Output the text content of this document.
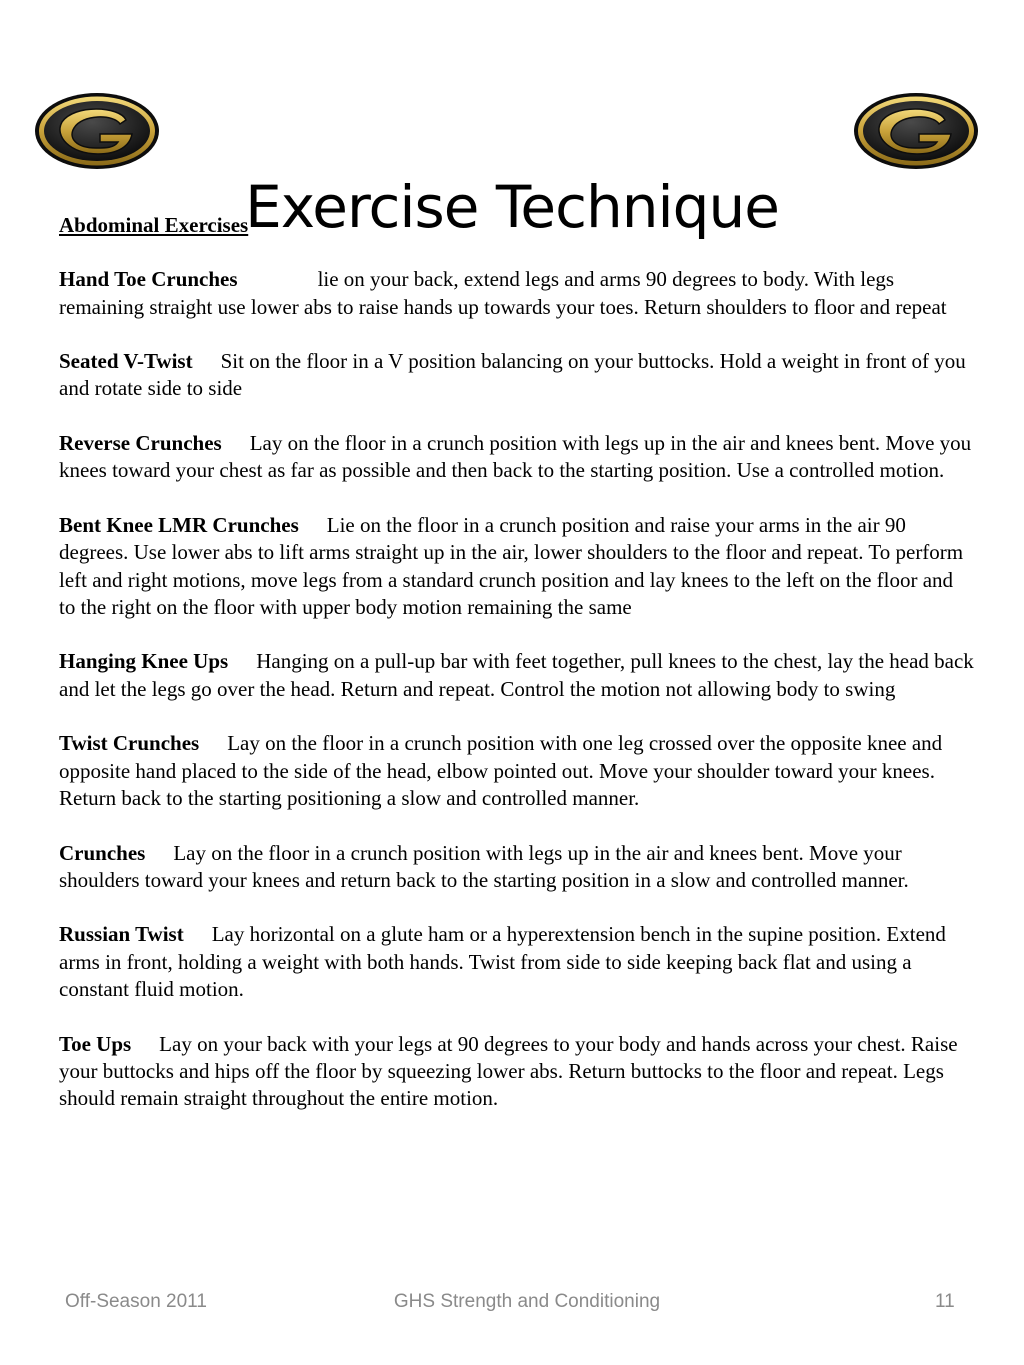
Exercise Technique
Abdominal Exercises
Hand Toe Crunches	lie on your back, extend legs and arms 90 degrees to body. With legs remaining straight use lower abs to raise hands up towards your toes. Return shoulders to floor and repeat
Seated V-Twist Sit on the floor in a V position balancing on your buttocks. Hold a weight in front of you and rotate side to side
Reverse Crunches Lay on the floor in a crunch position with legs up in the air and knees bent. Move you knees toward your chest as far as possible and then back to the starting position. Use a controlled motion.
Bent Knee LMR Crunches Lie on the floor in a crunch position and raise your arms in the air 90 degrees. Use lower abs to lift arms straight up in the air, lower shoulders to the floor and repeat. To perform left and right motions, move legs from a standard crunch position and lay knees to the left on the floor and to the right on the floor with upper body motion remaining the same
Hanging Knee Ups Hanging on a pull-up bar with feet together, pull knees to the chest, lay the head back and let the legs go over the head. Return and repeat. Control the motion not allowing body to swing
Twist Crunches Lay on the floor in a crunch position with one leg crossed over the opposite knee and opposite hand placed to the side of the head, elbow pointed out. Move your shoulder toward your knees. Return back to the starting positioning a slow and controlled manner.
Crunches Lay on the floor in a crunch position with legs up in the air and knees bent. Move your shoulders toward your knees and return back to the starting position in a slow and controlled manner.
Russian Twist Lay horizontal on a glute ham or a hyperextension bench in the supine position. Extend arms in front, holding a weight with both hands. Twist from side to side keeping back flat and using a constant fluid motion.
Toe Ups Lay on your back with your legs at 90 degrees to your body and hands across your chest. Raise your buttocks and hips off the floor by squeezing lower abs. Return buttocks to the floor and repeat. Legs should remain straight throughout the entire motion.
Off-Season 2011	GHS Strength and Conditioning	11
